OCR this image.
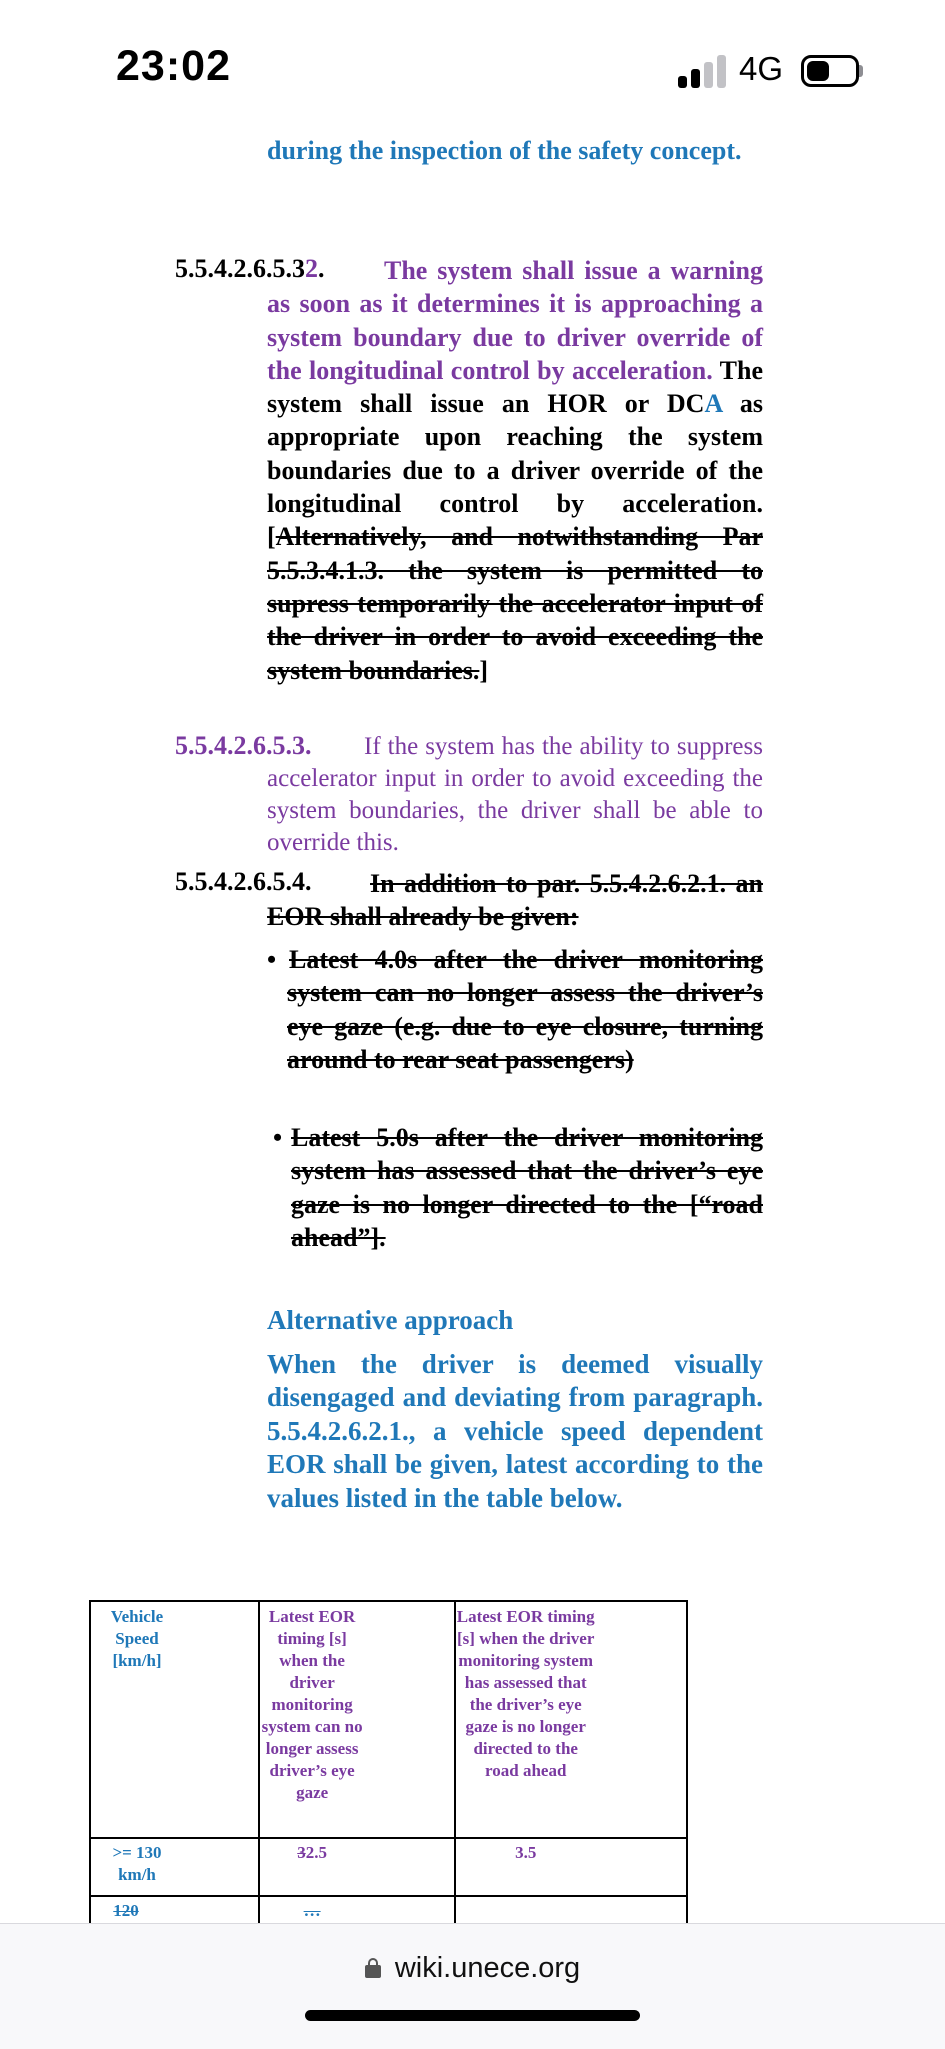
23:02	4G

during the inspection of the safety concept.

5.5.4.2.6.5.32.	The system shall issue a warning as soon as it determines it is approaching a system boundary due to driver override of the longitudinal control by acceleration. The system shall issue an HOR or DCA as appropriate upon reaching the system boundaries due to a driver override of the longitudinal control by acceleration. [Alternatively, and notwithstanding Par 5.5.3.4.1.3. the system is permitted to supress temporarily the accelerator input of the driver in order to avoid exceeding the system boundaries.]

5.5.4.2.6.5.3.	If the system has the ability to suppress accelerator input in order to avoid exceeding the system boundaries, the driver shall be able to override this.

5.5.4.2.6.5.4.	In addition to par. 5.5.4.2.6.2.1. an EOR shall already be given:

• Latest 4.0s after the driver monitoring system can no longer assess the driver’s eye gaze (e.g. due to eye closure, turning around to rear seat passengers)

• Latest 5.0s after the driver monitoring system has assessed that the driver’s eye gaze is no longer directed to the [“road ahead”].

Alternative approach

When the driver is deemed visually disengaged and deviating from paragraph. 5.5.4.2.6.2.1., a vehicle speed dependent EOR shall be given, latest according to the values listed in the table below.

Vehicle Speed [km/h]	Latest EOR timing [s] when the driver monitoring system can no longer assess driver’s eye gaze	Latest EOR timing [s] when the driver monitoring system has assessed that the driver’s eye gaze is no longer directed to the road ahead

>= 130 km/h	32.5	3.5

120	…	

wiki.unece.org
